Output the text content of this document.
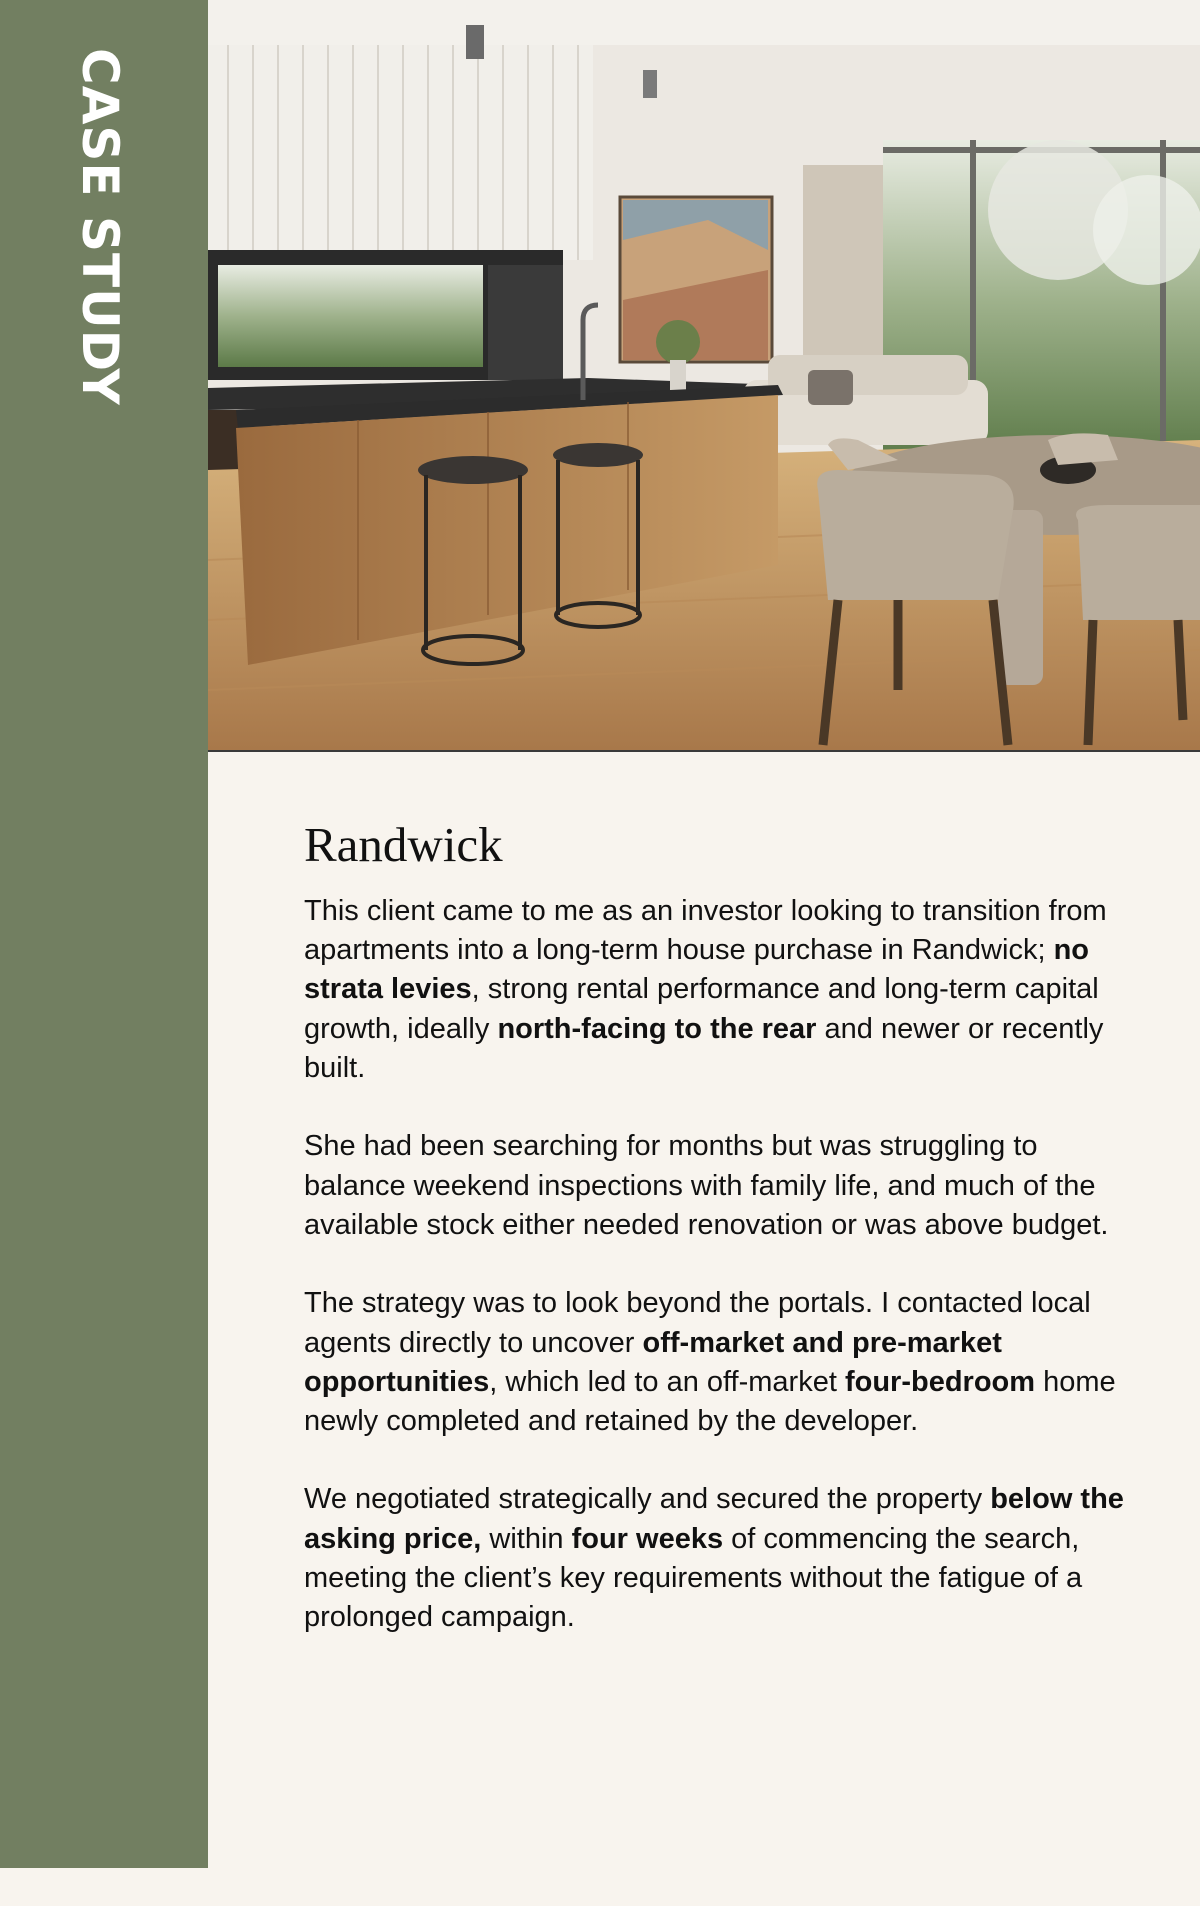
CASE STUDY
Randwick

This client came to me as an investor looking to transition from apartments into a long-term house purchase in Randwick; no strata levies, strong rental performance and long-term capital growth, ideally north-facing to the rear and newer or recently built.

She had been searching for months but was struggling to balance weekend inspections with family life, and much of the available stock either needed renovation or was above budget.

The strategy was to look beyond the portals. I contacted local agents directly to uncover off-market and pre-market opportunities, which led to an off-market four-bedroom home newly completed and retained by the developer.

We negotiated strategically and secured the property below the asking price, within four weeks of commencing the search, meeting the client’s key requirements without the fatigue of a prolonged campaign.
